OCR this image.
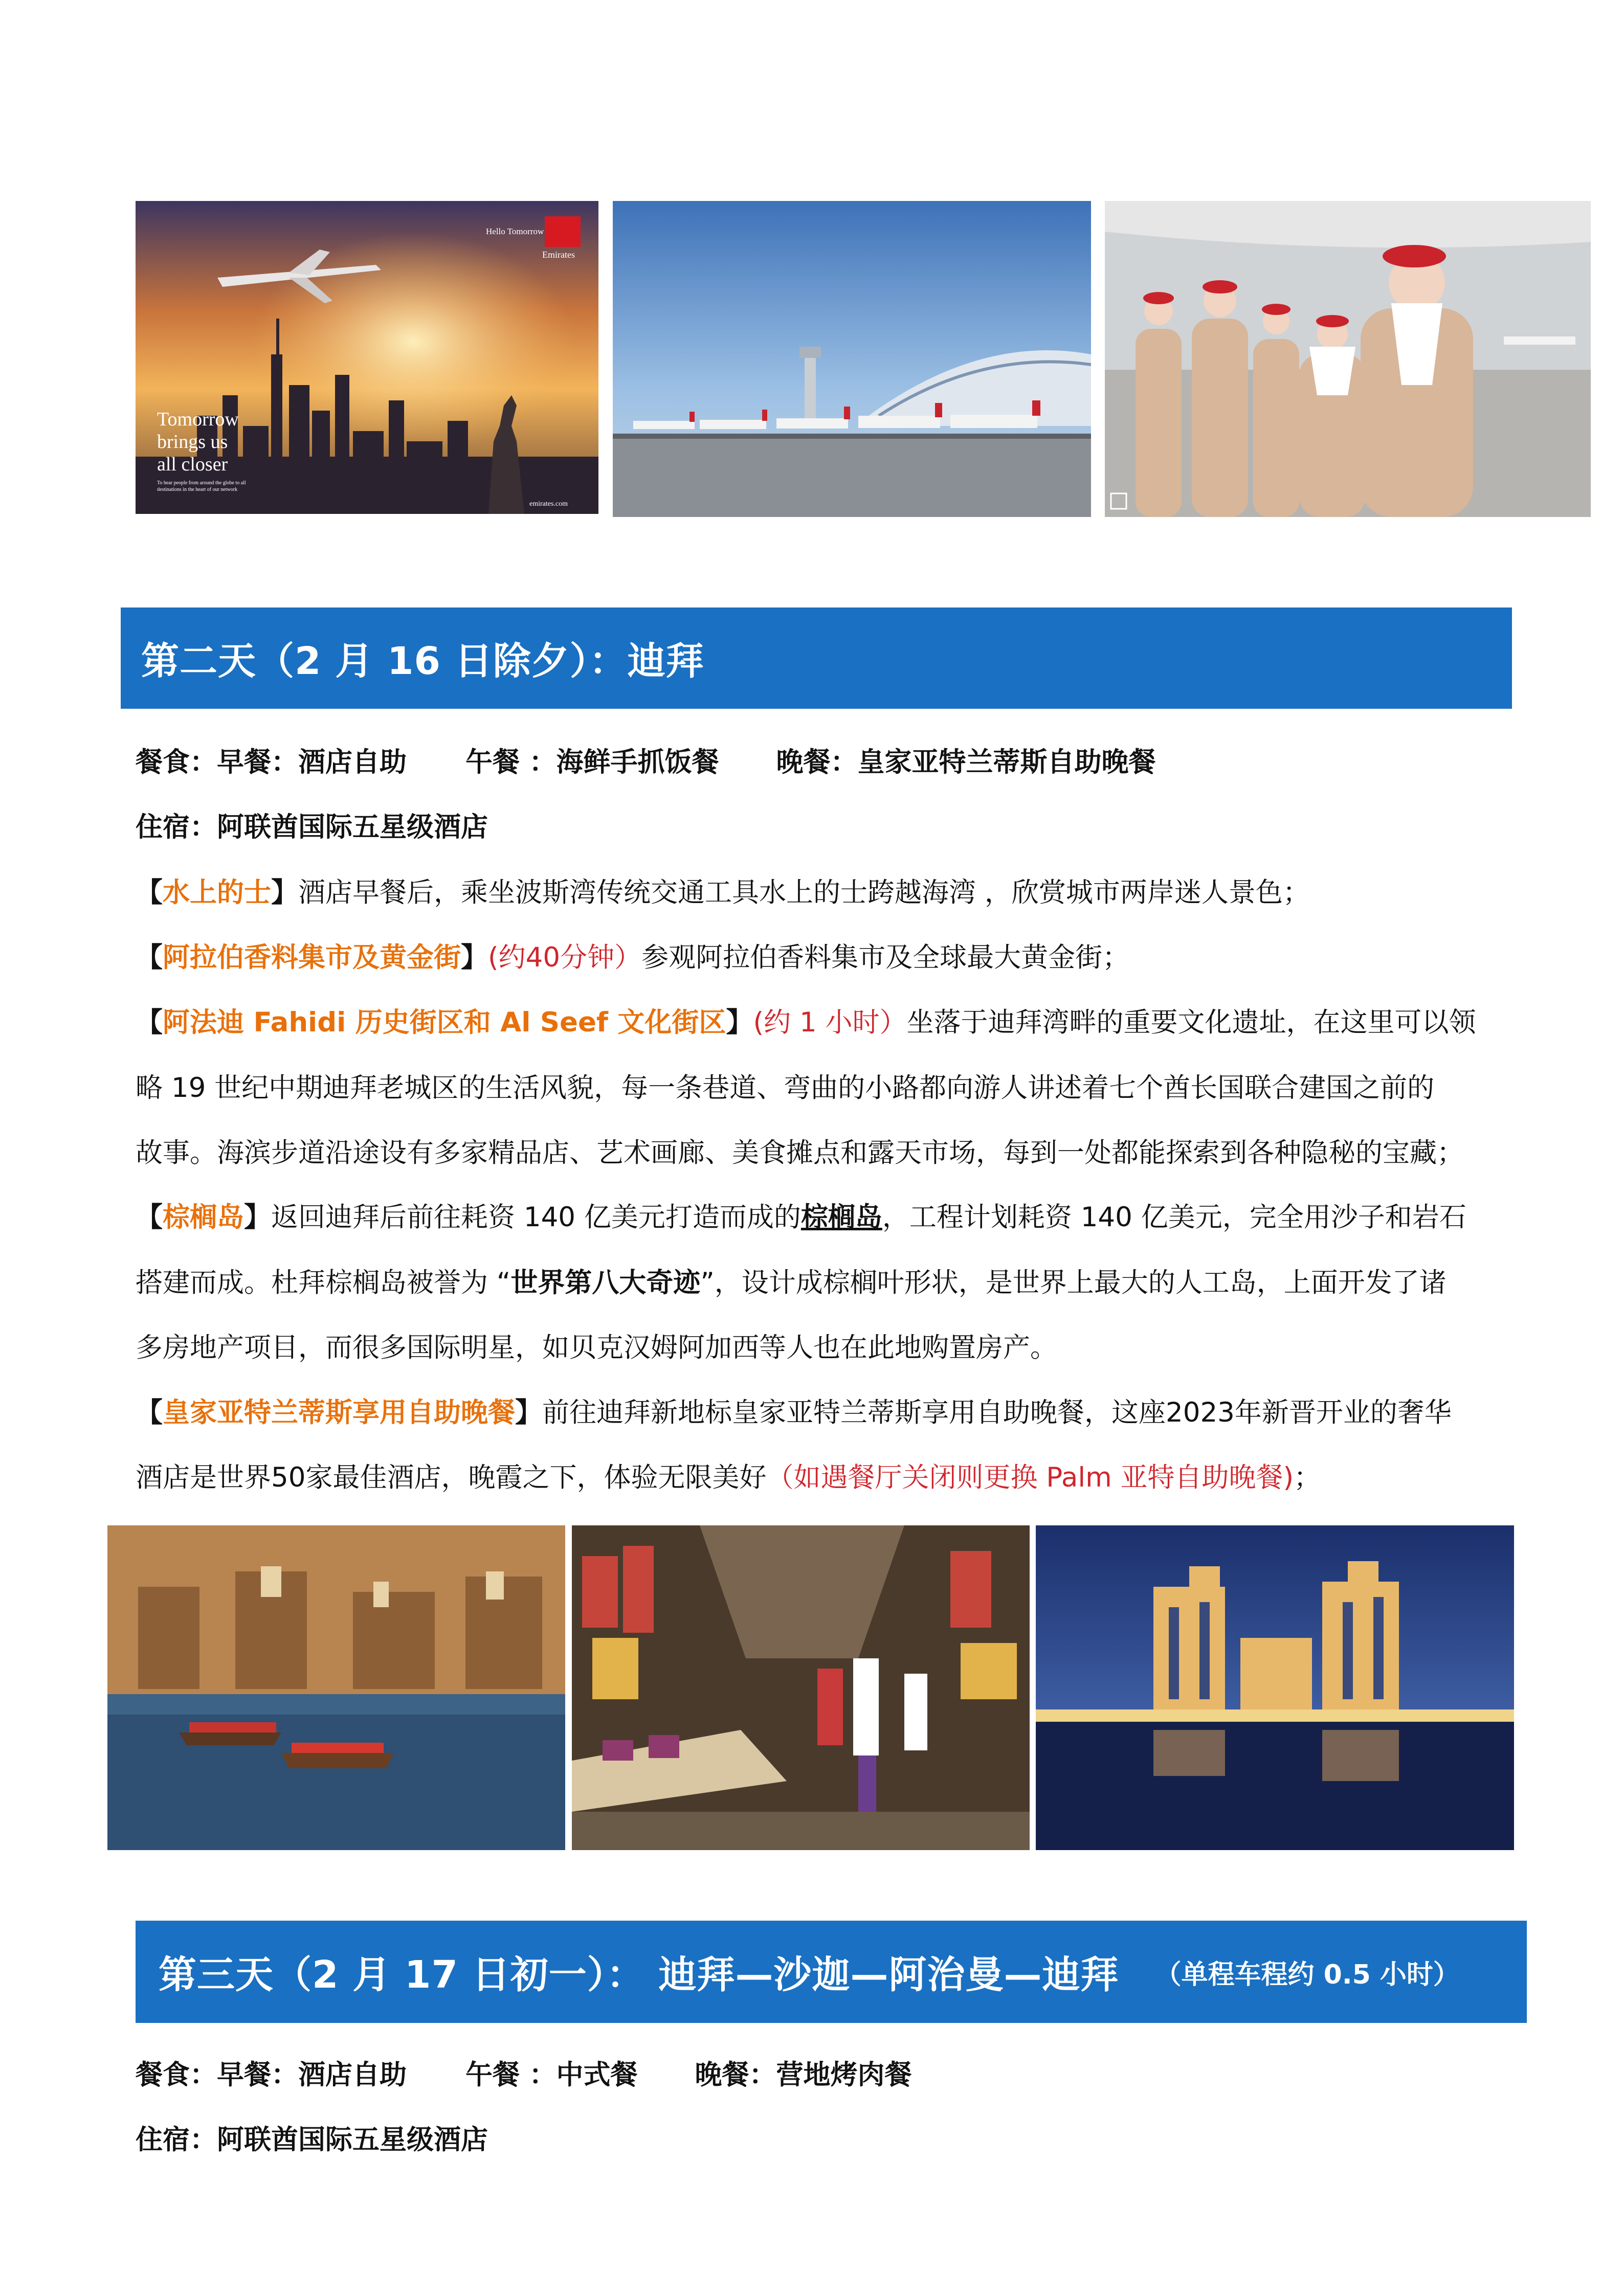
Hello Tomorrow
Emirates
Tomorrow
brings us
all closer
To hear people from around the globe to all
destinations in the heart of our network
emirates.com
第二天（2 月 16 日除夕）：迪拜
餐食：早餐：酒店自助 午餐 ：海鲜手抓饭餐 晚餐：皇家亚特兰蒂斯自助晚餐
住宿：阿联酋国际五星级酒店
【水上的士】酒店早餐后，乘坐波斯湾传统交通工具水上的士跨越海湾 ，欣赏城市两岸迷人景色；
【阿拉伯香料集市及黄金街】(约40分钟）参观阿拉伯香料集市及全球最大黄金街；
【阿法迪 Fahidi 历史街区和 Al Seef 文化街区】(约 1 小时）坐落于迪拜湾畔的重要文化遗址，在这里可以领
略 19 世纪中期迪拜老城区的生活风貌，每一条巷道、弯曲的小路都向游人讲述着七个酋长国联合建国之前的
故事。海滨步道沿途设有多家精品店、艺术画廊、美食摊点和露天市场，每到一处都能探索到各种隐秘的宝藏；
【棕榈岛】返回迪拜后前往耗资 140 亿美元打造而成的棕榈岛，工程计划耗资 140 亿美元，完全用沙子和岩石
搭建而成。杜拜棕榈岛被誉为 “世界第八大奇迹”，设计成棕榈叶形状，是世界上最大的人工岛，上面开发了诸
多房地产项目，而很多国际明星，如贝克汉姆阿加西等人也在此地购置房产。
【皇家亚特兰蒂斯享用自助晚餐】前往迪拜新地标皇家亚特兰蒂斯享用自助晚餐，这座2023年新晋开业的奢华
酒店是世界50家最佳酒店，晚霞之下，体验无限美好（如遇餐厅关闭则更换 Palm 亚特自助晚餐)；
第三天（2 月 17 日初一）： 迪拜—沙迦—阿治曼—迪拜 （单程车程约 0.5 小时）
餐食：早餐：酒店自助 午餐 ：中式餐 晚餐：营地烤肉餐
住宿：阿联酋国际五星级酒店
